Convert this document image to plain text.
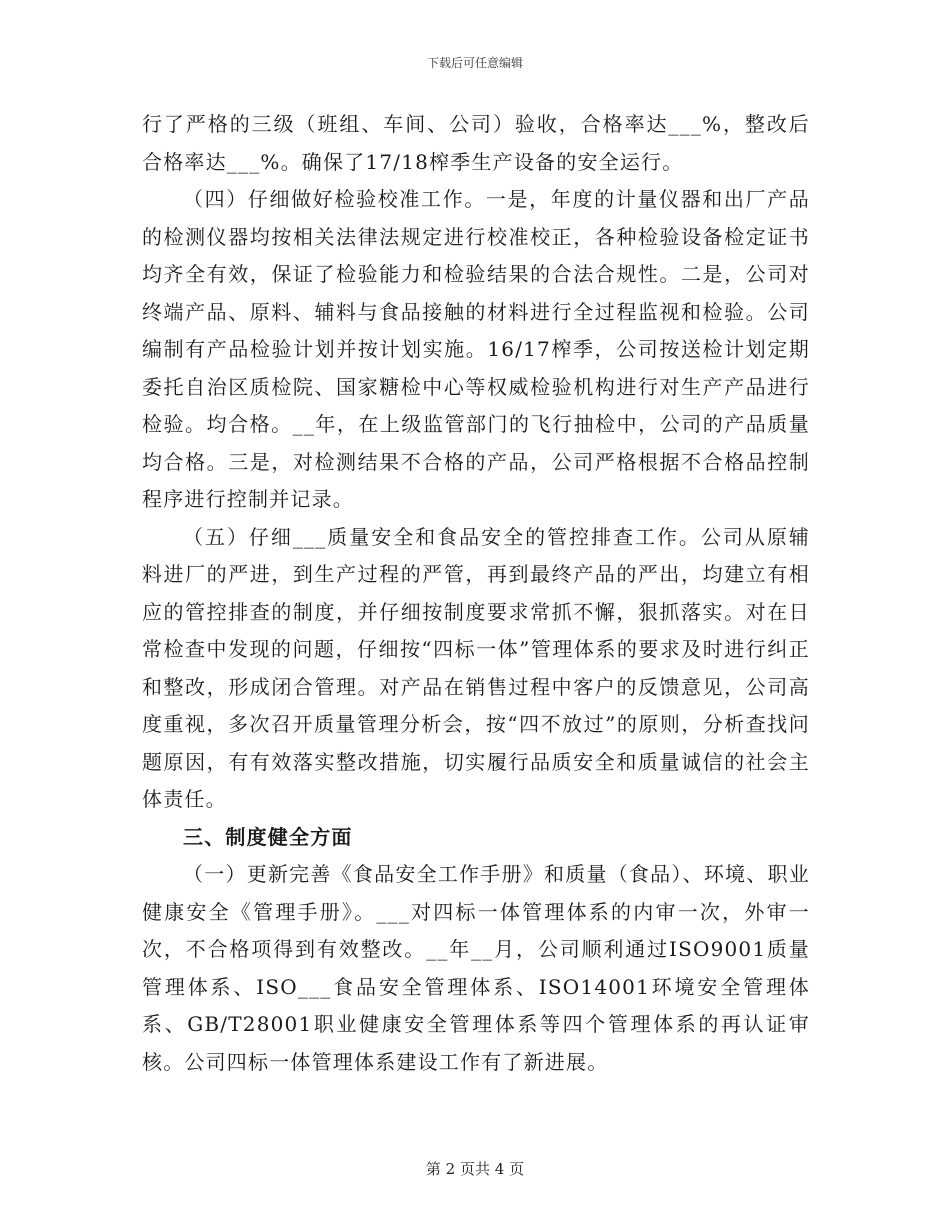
下载后可任意编辑

行了严格的三级（班组、车间、公司）验收，合格率达___%，整改后合格率达___%。确保了17/18榨季生产设备的安全运行。

（四）仔细做好检验校准工作。一是，年度的计量仪器和出厂产品的检测仪器均按相关法律法规定进行校准校正，各种检验设备检定证书均齐全有效，保证了检验能力和检验结果的合法合规性。二是，公司对终端产品、原料、辅料与食品接触的材料进行全过程监视和检验。公司编制有产品检验计划并按计划实施。16/17榨季，公司按送检计划定期委托自治区质检院、国家糖检中心等权威检验机构进行对生产产品进行检验。均合格。__年，在上级监管部门的飞行抽检中，公司的产品质量均合格。三是，对检测结果不合格的产品，公司严格根据不合格品控制程序进行控制并记录。

（五）仔细___质量安全和食品安全的管控排查工作。公司从原辅料进厂的严进，到生产过程的严管，再到最终产品的严出，均建立有相应的管控排查的制度，并仔细按制度要求常抓不懈，狠抓落实。对在日常检查中发现的问题，仔细按“四标一体”管理体系的要求及时进行纠正和整改，形成闭合管理。对产品在销售过程中客户的反馈意见，公司高度重视，多次召开质量管理分析会，按“四不放过”的原则，分析查找问题原因，有有效落实整改措施，切实履行品质安全和质量诚信的社会主体责任。

三、制度健全方面

（一）更新完善《食品安全工作手册》和质量（食品）、环境、职业健康安全《管理手册》。___对四标一体管理体系的内审一次，外审一次，不合格项得到有效整改。__年__月，公司顺利通过ISO9001质量管理体系、ISO___食品安全管理体系、ISO14001环境安全管理体系、GB/T28001职业健康安全管理体系等四个管理体系的再认证审核。公司四标一体管理体系建设工作有了新进展。

第 2 页共 4 页
